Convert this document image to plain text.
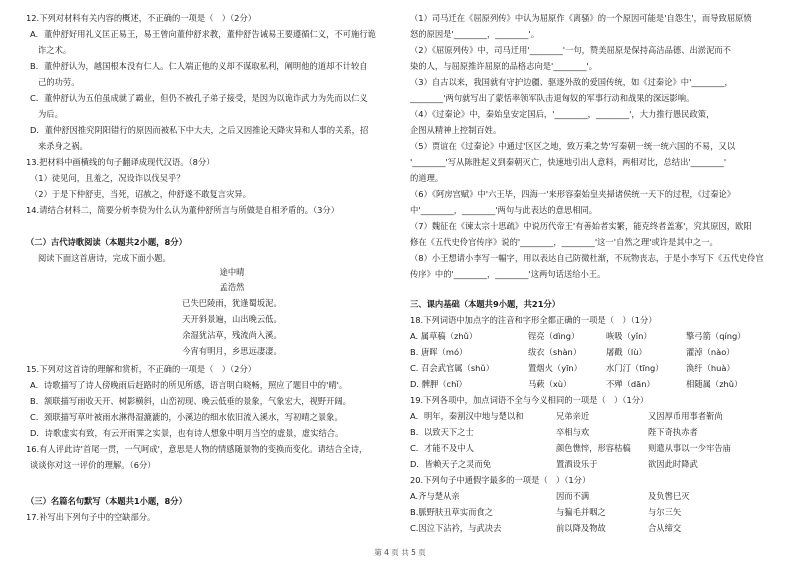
12.下列对材料有关内容的概述，不正确的一项是（　）（2分）
A．董仲舒好用礼义匡正易王，易王曾向董仲舒求教，董仲舒告诫易王要遵循仁义，不可施行诡
诈之术。
B．董仲舒认为，越国根本没有仁人。仁人端正他的义却不谋取私利，阐明他的道却不计较自
己的功劳。
C．董仲舒认为五伯虽成就了霸业，但仍不被孔子弟子接受，是因为以诡诈武力为先而以仁义
为后。
D．董仲舒因推究阴阳错行的原因而被私下中大夫，之后又因推论天降灾异和人事的关系，招
来杀身之祸。
13.把材料中画横线的句子翻译成现代汉语。（8分）
（1）徒见问，且羞之，况设诈以伐吴乎？
（2）于是下仲舒吏，当死，诏赦之，仲舒遂不敢复言灾异。
14.请结合材料二，简要分析李贽为什么认为董仲舒所言与所做是自相矛盾的。（3分）
（二）古代诗歌阅读（本题共2小题，8分）
阅读下面这首唐诗，完成下面小题。
途中晴
孟浩然
已失巴陵雨，犹逢蜀坂泥。
天开斜景遍，山出晚云低。
余湿犹沾草，残流尚入溪。
今宵有明月，乡思远凄凄。
15.下列对这首诗的理解和赏析，不正确的一项是（　）（2分）
A．诗歌描写了诗人傍晚雨后赶路时的所见所感，语言明白晓畅，照应了题目中的'晴'。
B．颔联描写雨收天开、树影横斜，山峦初现、晚云低垂的景象，气象宏大，视野开阔。
C．颈联描写草叶被雨水淋得湿漉漉的，小溪边的细水依旧流入溪水，写初晴之景象。
D．诗歌虚实有致，有云开雨霁之实景，也有诗人想象中明月当空的虚景，虚实结合。
16.有人评此诗'首尾一贯，一气呵成'，意思是人物的情感随景物的变换而变化。请结合全诗，
谈谈你对这一评价的理解。（6分）
（三）名篇名句默写（本题共1小题，8分）
17.补写出下列句子中的空缺部分。
（1）司马迁在《屈原列传》中认为屈原作《离骚》的一个原因可能是'自怨生'，而导致屈原愤
怒的原因是'________，________'。
（2）《屈原列传》中，司马迁用'________'一句，赞美屈原是保持高洁品德、出淤泥而不
染的人，与屈原推许屈原的品格志向是'________'。
（3）自古以来，我国就有守护边疆、驱逐外敌的爱国传统，如《过秦论》中'________，
________'两句就写出了蒙恬率领军队击退匈奴的军事行动和战果的深远影响。
（4）《过秦论》中，秦始皇安定国后，'________，________'，大力推行愚民政策，
企图从精神上控制百姓。
（5）贾谊在《过秦论》中通过'区区之地，致万乘之势'写秦朝一统一统六国的不易，又以
'________'写从陈胜起义到秦朝灭亡，快速地引出人意料，两相对比，总结出'________'
的道理。
（6）《阿房宫赋》中'六王毕，四海一'来形容秦始皇夹掃诸侯统一天下的过程，《过秦论》
中'________，________'两句与此表达的意思相同。
（7）魏征在《谏太宗十思疏》中说历代帝王'有善始者实繁，能克终者盖寡'，究其原因，欧阳
修在《五代史伶官传序》说的'________，________'这一'自然之理'或许是其中之一。
（8）小王想请小李写一幅字，用以表达自己防微杜渐，不玩物丧志，于是小李写下《五代史伶官
传序》中的'________，________'这两句话送给小王。
三、课内基础（本题共9小题，共21分）
18.下列词语中加点字的注音和字形全都正确的一项是（　）（1分）
A. 属草稿（zhǔ）	锃亮（dìng）	咴吸（yǐn）	擎弓箭（qíng）
B. 唐晖（mó）	绂衣（shàn）	屠戳（lù）	灌淖（nào）
C. 召会武官属（shǔ）	置烟火（yīn）	水门汀（tīng）	涣纡（huà）
D. 髀胛（chǐ）	马蔌（xù）	不殚（dān）	相随属（zhǔ）
19.下列各项中，加点词语不全与今义相同的一项是（　）（1分）
A．明年，秦割汉中地与楚以和	兄弟亲近	又因厚币用事者靳尚
B．以致天下之士	卒相与欢	陛下奇执赤者
C．才能不及中人	颜色憔悴，形容枯槁 则遣从事以一少牢告庙
D．皆赖天子之灵而免	置酒设乐于	欲因此时降武
20.下列句子中通假字最多的一项是（　）（1分）
A.齐与楚从亲	因而不满	及负辔巳灭
B.脈野肤丑草实而食之	与猵毛并咽之	与尔三矢
C.因泣下沾衿，与武决去	前以降及物故	合从缔交
第 4 页 共 5 页
